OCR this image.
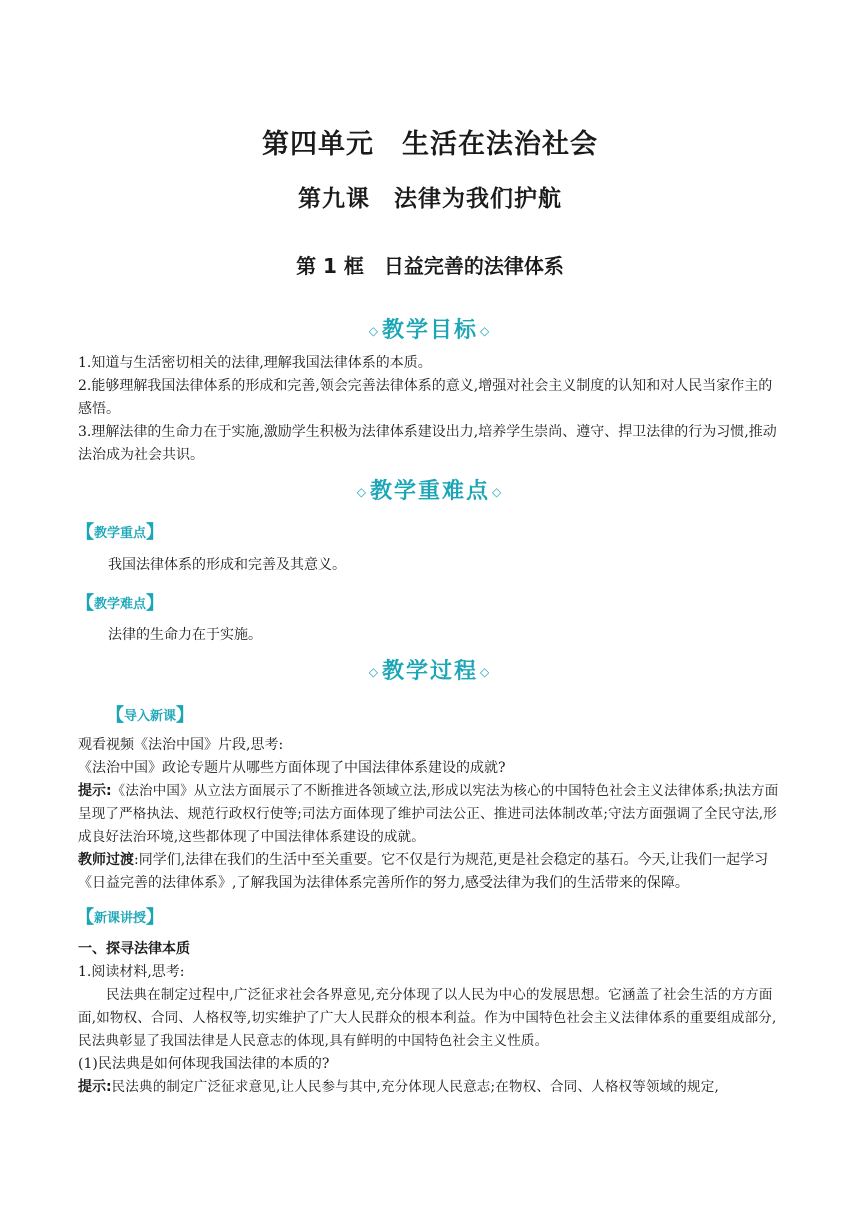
第四单元　生活在法治社会
第九课　法律为我们护航
第 1 框　日益完善的法律体系
◇教学目标 ◇
1.知道与生活密切相关的法律,理解我国法律体系的本质。
2.能够理解我国法律体系的形成和完善,领会完善法律体系的意义,增强对社会主义制度的认知和对人民当家作主的感悟。
3.理解法律的生命力在于实施,激励学生积极为法律体系建设出力,培养学生崇尚、遵守、捍卫法律的行为习惯,推动法治成为社会共识。
◇教学重难点 ◇
【教学重点】
我国法律体系的形成和完善及其意义。
【教学难点】
法律的生命力在于实施。
◇教学过程 ◇
【导入新课】
观看视频《法治中国》片段,思考:
《法治中国》政论专题片从哪些方面体现了中国法律体系建设的成就?
提示:《法治中国》从立法方面展示了不断推进各领域立法,形成以宪法为核心的中国特色社会主义法律体系;执法方面呈现了严格执法、规范行政权行使等;司法方面体现了维护司法公正、推进司法体制改革;守法方面强调了全民守法,形成良好法治环境,这些都体现了中国法律体系建设的成就。
教师过渡:同学们,法律在我们的生活中至关重要。它不仅是行为规范,更是社会稳定的基石。今天,让我们一起学习《日益完善的法律体系》,了解我国为法律体系完善所作的努力,感受法律为我们的生活带来的保障。
【新课讲授】
一、探寻法律本质
1.阅读材料,思考:
民法典在制定过程中,广泛征求社会各界意见,充分体现了以人民为中心的发展思想。它涵盖了社会生活的方方面面,如物权、合同、人格权等,切实维护了广大人民群众的根本利益。作为中国特色社会主义法律体系的重要组成部分,民法典彰显了我国法律是人民意志的体现,具有鲜明的中国特色社会主义性质。
(1)民法典是如何体现我国法律的本质的?
提示:民法典的制定广泛征求意见,让人民参与其中,充分体现人民意志;在物权、合同、人格权等领域的规定,
